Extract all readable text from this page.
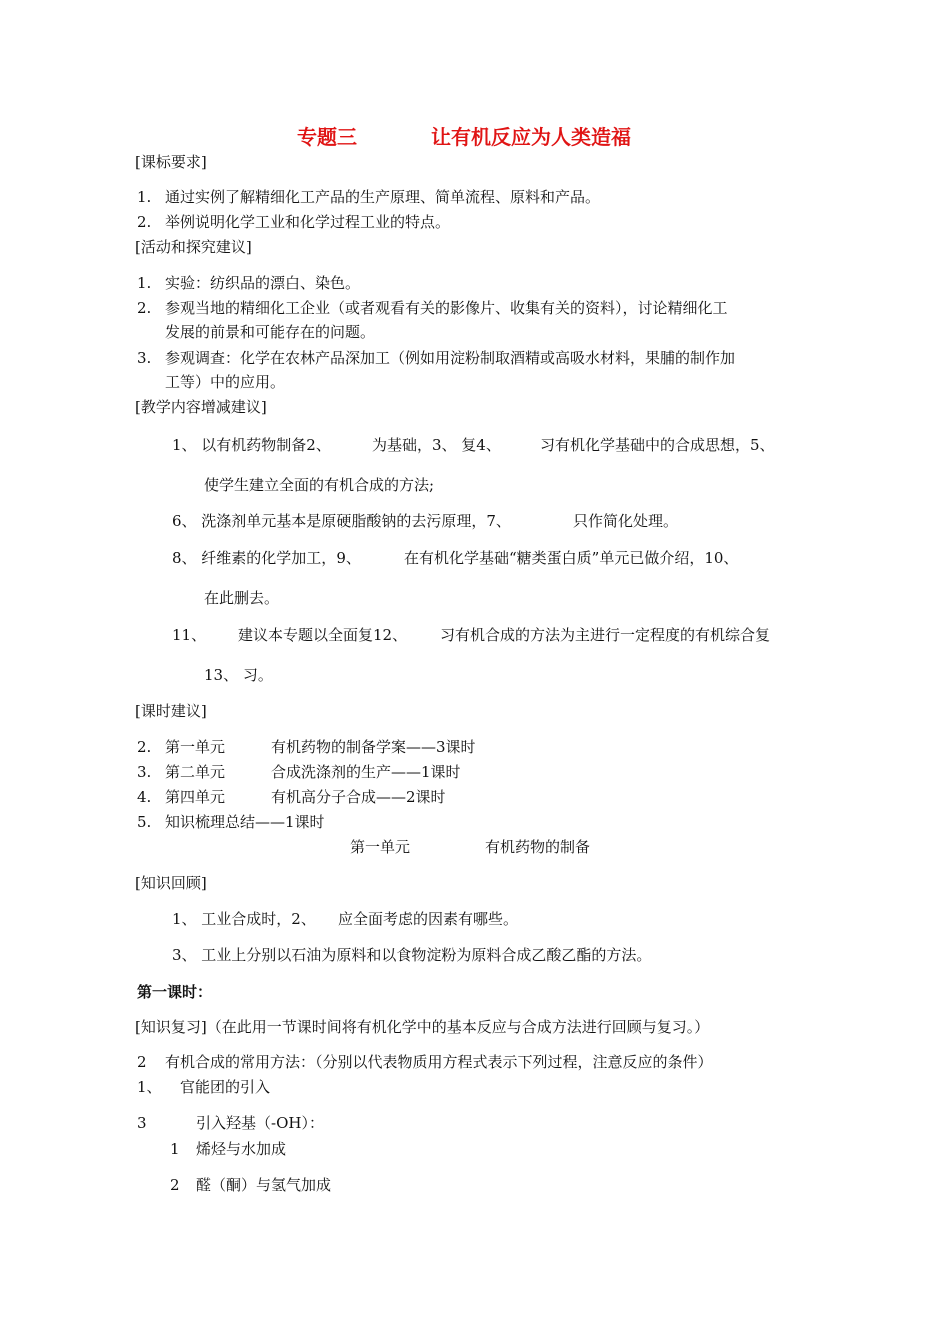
专题三	让有机反应为人类造福
[课标要求]
1. 通过实例了解精细化工产品的生产原理、简单流程、原料和产品。
2. 举例说明化学工业和化学过程工业的特点。
[活动和探究建议]
1. 实验：纺织品的漂白、染色。
2. 参观当地的精细化工企业（或者观看有关的影像片、收集有关的资料），讨论精细化工
发展的前景和可能存在的问题。
3. 参观调查：化学在农林产品深加工（例如用淀粉制取酒精或高吸水材料，果脯的制作加
工等）中的应用。
[教学内容增减建议]
1、 以有机药物制备2、	为基础，3、 复4、	习有机化学基础中的合成思想，5、
使学生建立全面的有机合成的方法;
6、 洗涤剂单元基本是原硬脂酸钠的去污原理，7、	只作简化处理。
8、 纤维素的化学加工，9、	在有机化学基础“糖类蛋白质”单元已做介绍，10、
在此删去。
11、 建议本专题以全面复12、 习有机合成的方法为主进行一定程度的有机综合复
13、 习。
[课时建议]
2. 第一单元	有机药物的制备学案——3课时
3. 第二单元	合成洗涤剂的生产——1课时
4. 第四单元	有机高分子合成——2课时
5. 知识梳理总结——1课时
第一单元	有机药物的制备
[知识回顾]
1、 工业合成时，2、 应全面考虑的因素有哪些。
3、 工业上分别以石油为原料和以食物淀粉为原料合成乙酸乙酯的方法。
第一课时：
[知识复习]（在此用一节课时间将有机化学中的基本反应与合成方法进行回顾与复习。）
2 有机合成的常用方法：（分别以代表物质用方程式表示下列过程，注意反应的条件）
1、 官能团的引入
3	引入羟基（-OH）：
1 烯烃与水加成
2 醛（酮）与氢气加成
